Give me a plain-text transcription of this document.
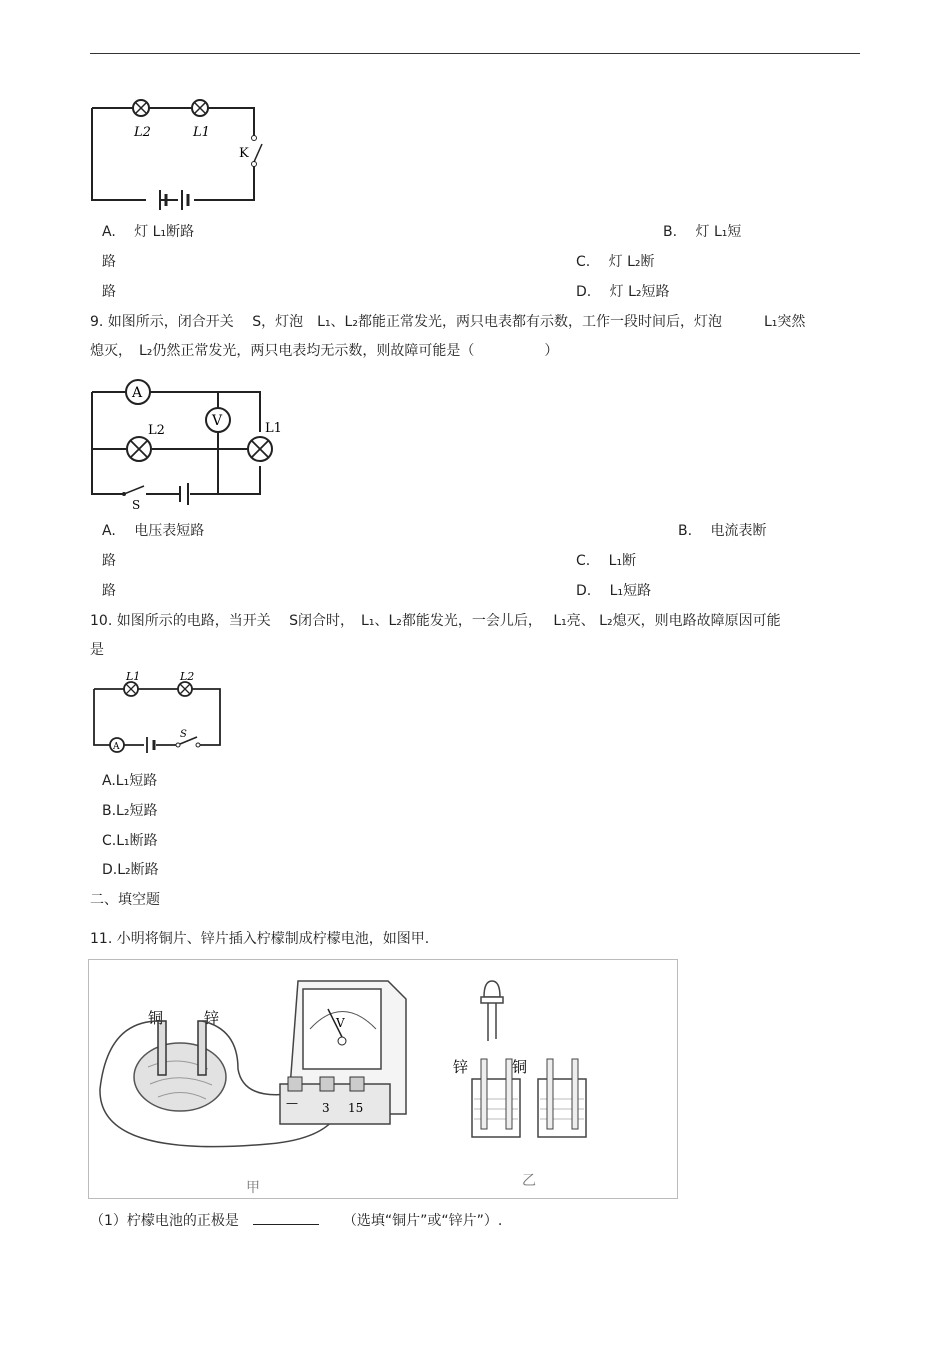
L2	L1
K
A.　 灯 L₁断路	B.　 灯 L₁短
路	C.　 灯 L₂断
路	D.　 灯 L₂短路
9. 如图所示，闭合开关　 S，灯泡　L₁、L₂都能正常发光，两只电表都有示数，工作一段时间后，灯泡　　　L₁突然
熄灭，　L₂仍然正常发光，两只电表均无示数，则故障可能是（　　　　　）
A
V
L2	L1
S
A.　 电压表短路	B.　 电流表断
路	C.　 L₁断
路	D.　 L₁短路
10. 如图所示的电路，当开关　 S闭合时，　L₁、L₂都能发光，一会儿后，　 L₁亮、 L₂熄灭，则电路故障原因可能
是
L1	L2
A
S
A.L₁短路
B.L₂短路
C.L₁断路
D.L₂断路
二、填空题
11. 小明将铜片、锌片插入柠檬制成柠檬电池，如图甲.
铜	锌	V
— 3 15
甲
锌	铜
乙
（1）柠檬电池的正极是	（选填“铜片”或“锌片”）.
